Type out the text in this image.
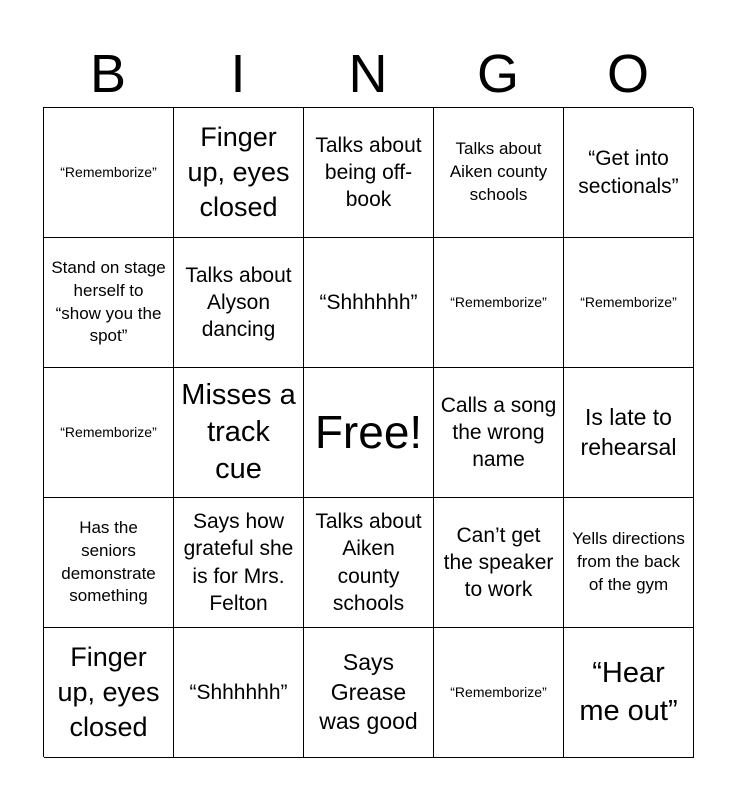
B	I	N	G	O
“Rememborize”
Finger up, eyes closed
Talks about being off-book
Talks about Aiken county schools
“Get into sectionals”
Stand on stage herself to “show you the spot”
Talks about Alyson dancing
“Shhhhhh”	“Rememborize”	“Rememborize”
“Rememborize”
Misses a track cue
Free!
Calls a song the wrong name
Is late to rehearsal
Has the seniors demonstrate something
Says how grateful she is for Mrs. Felton
Talks about Aiken county schools
Can’t get the speaker to work
Yells directions from the back of the gym
Finger up, eyes closed
“Shhhhhh”
Says Grease was good
“Rememborize”
“Hear me out”
